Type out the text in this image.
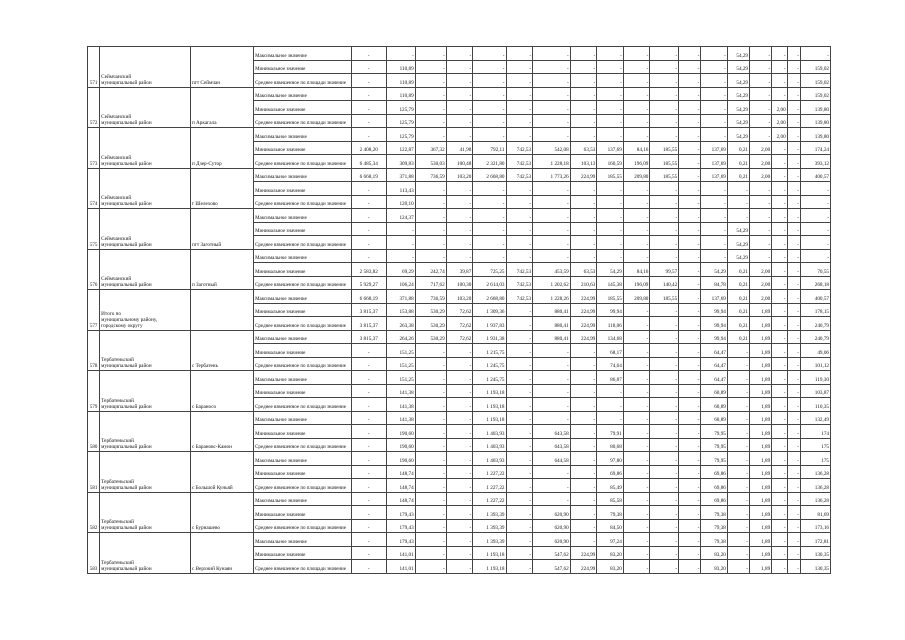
571	Сеймчанский
муниципальный район	пгт Сеймчан	Максимальное значение	-	-	-	-	-	-	-	-	-	-	-	-	-	54,29	-	-	-	-
			Минимальное значение	-	110,89	-	-	-	-	-	-	-	-	-	-	-	54,29	-	-	-	159,02
			Среднее взвешенное по площади значение	-	110,89	-	-	-	-	-	-	-	-	-	-	-	54,29	-	-	-	159,02
572	Сеймчанский
муниципальный район	п Аркагала	Максимальное значение	-	110,89	-	-	-	-	-	-	-	-	-	-	-	54,29	-	-	-	159,02
			Минимальное значение	-	125,79	-	-	-	-	-	-	-	-	-	-	-	54,29	-	2,00	-	139,80
			Среднее взвешенное по площади значение	-	125,79	-	-	-	-	-	-	-	-	-	-	-	54,29	-	2,00	-	139,80
573	Сеймчанский
муниципальный район	п Дзер-Сутор	Максимальное значение	-	125,79	-	-	-	-	-	-	-	-	-	-	-	54,29	-	2,00	-	139,80
			Минимальное значение	2 408,20	122,87	367,32	41,98	792,11	742,53	542,08	63,53	137,69	84,16	185,55	-	137,69	0,21	2,00	-	-	174,24
			Среднее взвешенное по площади значение	6 485,34	309,83	530,03	100,48	2 321,80	742,53	1 228,18	103,13	160,59	196,09	185,55	-	137,69	0,21	2,00	-	-	393,12
574	Сеймчанский
муниципальный район	г Шелехово	Максимальное значение	6 668,19	371,88	736,59	103,20	2 668,80	742,53	1 773,26	224,99	185,55	209,80	185,55	-	137,69	0,21	2,00	-	-	400,57
			Минимальное значение	-	113,43	-	-	-	-	-	-	-	-	-	-	-	-	-	-	-	-
			Среднее взвешенное по площади значение	-	120,10	-	-	-	-	-	-	-	-	-	-	-	-	-	-	-	-
575	Сеймчанский
муниципальный район	пгт Заготный	Максимальное значение	-	124,37	-	-	-	-	-	-	-	-	-	-	-	-	-	-	-	-
			Минимальное значение	-	-	-	-	-	-	-	-	-	-	-	-	-	54,29	-	-	-	-
			Среднее взвешенное по площади значение	-	-	-	-	-	-	-	-	-	-	-	-	-	54,29	-	-	-	-
576	Сеймчанский
муниципальный район	п Заготный	Максимальное значение	-	-	-	-	-	-	-	-	-	-	-	-	-	54,29	-	-	-	-
			Минимальное значение	2 583,82	69,29	242,74	39,87	725,25	742,53	453,59	63,53	54,29	84,16	99,57	-	54,29	0,21	2,00	-	-	70,55
			Среднее взвешенное по площади значение	5 929,27	106,24	717,62	100,30	2 614,03	742,53	1 202,62	210,63	145,38	196,09	140,42	-	84,78	0,21	2,00	-	-	268,18
577	Итого по
муниципальному району,
городскому округу		Максимальное значение	6 668,19	371,88	736,59	103,20	2 668,80	742,53	1 228,26	224,99	185,55	209,80	185,55	-	137,69	0,21	2,00	-	-	400,57
			Минимальное значение	3 815,37	153,88	530,29	72,62	1 309,36	-	880,41	224,99	99,94	-	-	-	99,94	0,21	1,89	-	-	178,15
			Среднее взвешенное по площади значение	3 815,37	263,38	530,29	72,62	1 937,83	-	880,41	224,99	118,06	-	-	-	99,94	0,21	1,89	-	-	240,79
578	Тербатеньский
муниципальный район	с Тербатень	Максимальное значение	3 815,37	264,26	530,29	72,62	1 931,38	-	880,41	224,99	134,68	-	-	-	99,94	0,21	1,89	-	-	240,79
			Минимальное значение	-	151,25	-	-	1 215,75	-	-	-	68,17	-	-	-	64,47	-	1,89	-	-	49,06
			Среднее взвешенное по площади значение	-	151,25	-	-	1 245,75	-	-	-	74,64	-	-	-	64,47	-	1,89	-	-	101,12
579	Тербатеньский
муниципальный район	с Бараносо	Максимальное значение	-	151,25	-	-	1 245,75	-	-	-	86,87	-	-	-	64,47	-	1,89	-	-	119,30
			Минимальное значение	-	141,38	-	-	1 193,18	-	-	-	-	-	-	-	60,89	-	1,89	-	-	103,87
			Среднее взвешенное по площади значение	-	141,38	-	-	1 193,18	-	-	-	-	-	-	-	60,89	-	1,89	-	-	110,35
580	Тербатеньский
муниципальный район	с Барановс-Камон	Максимальное значение	-	141,38	-	-	1 193,18	-	-	-	-	-	-	-	60,89	-	1,89	-	-	132,49
			Минимальное значение	-	190,60	-	-	1 403,93	-	643,58	-	79,91	-	-	-	79,95	-	1,89	-	-	174
			Среднее взвешенное по площади значение	-	190,60	-	-	1 403,93	-	643,58	-	80,68	-	-	-	79,95	-	1,89	-	-	175
581	Тербатеньский
муниципальный район	с Большой Куньяй	Максимальное значение	-	190,60	-	-	1 403,93	-	644,58	-	97,80	-	-	-	79,95	-	1,89	-	-	175
			Минимальное значение	-	148,74	-	-	1 227,22	-	-	-	69,86	-	-	-	69,86	-	1,89	-	-	136,28
			Среднее взвешенное по площади значение	-	148,74	-	-	1 227,22	-	-	-	85,49	-	-	-	69,86	-	1,89	-	-	136,28
582	Тербатеньский
муниципальный район	с Бурнашево	Максимальное значение	-	148,74	-	-	1 227,22	-	-	-	85,58	-	-	-	69,86	-	1,89	-	-	136,28
			Минимальное значение	-	179,43	-	-	1 393,39	-	620,90	-	79,38	-	-	-	79,38	-	1,89	-	-	81,69
			Среднее взвешенное по площади значение	-	179,43	-	-	1 393,39	-	620,90	-	84,50	-	-	-	79,38	-	1,89	-	-	173,16
583	Тербатеньский
муниципальный район	с Верхний Кунаян	Максимальное значение	-	179,43	-	-	1 393,39	-	620,90	-	97,24	-	-	-	79,38	-	1,89	-	-	172,81
			Минимальное значение	-	141,01	-	-	1 193,18	-	547,62	224,99	83,20	-	-	-	83,20	-	1,89	-	-	130,35
			Среднее взвешенное по площади значение	-	141,01	-	-	1 193,18	-	547,62	224,99	83,20	-	-	-	83,20	-	1,89	-	-	130,35
